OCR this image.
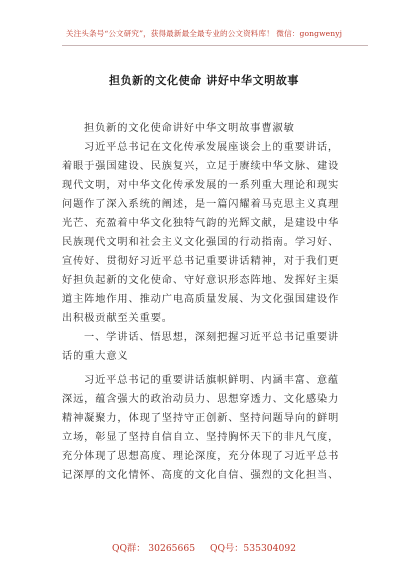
关注头条号“公文研究”，获得最新最全最专业的公文资料库！ 微信：gongwenyj
担负新的文化使命 讲好中华文明故事
担负新的文化使命讲好中华文明故事曹淑敏
习近平总书记在文化传承发展座谈会上的重要讲话，
着眼于强国建设、民族复兴，立足于赓续中华文脉、建设
现代文明，对中华文化传承发展的一系列重大理论和现实
问题作了深入系统的阐述，是一篇闪耀着马克思主义真理
光芒、充盈着中华文化独特气韵的光辉文献，是建设中华
民族现代文明和社会主义文化强国的行动指南。学习好、
宣传好、贯彻好习近平总书记重要讲话精神，对于我们更
好担负起新的文化使命、守好意识形态阵地、发挥好主渠
道主阵地作用、推动广电高质量发展、为文化强国建设作
出积极贡献至关重要。
一、学讲话、悟思想，深刻把握习近平总书记重要讲
话的重大意义
习近平总书记的重要讲话旗帜鲜明、内涵丰富、意蕴
深远，蕴含强大的政治动员力、思想穿透力、文化感染力
精神凝聚力，体现了坚持守正创新、坚持问题导向的鲜明
立场，彰显了坚持自信自立、坚持胸怀天下的非凡气度，
充分体现了思想高度、理论深度，充分体现了习近平总书
记深厚的文化情怀、高度的文化自信、强烈的文化担当、
QQ群： 30265665 QQ号：535304092
